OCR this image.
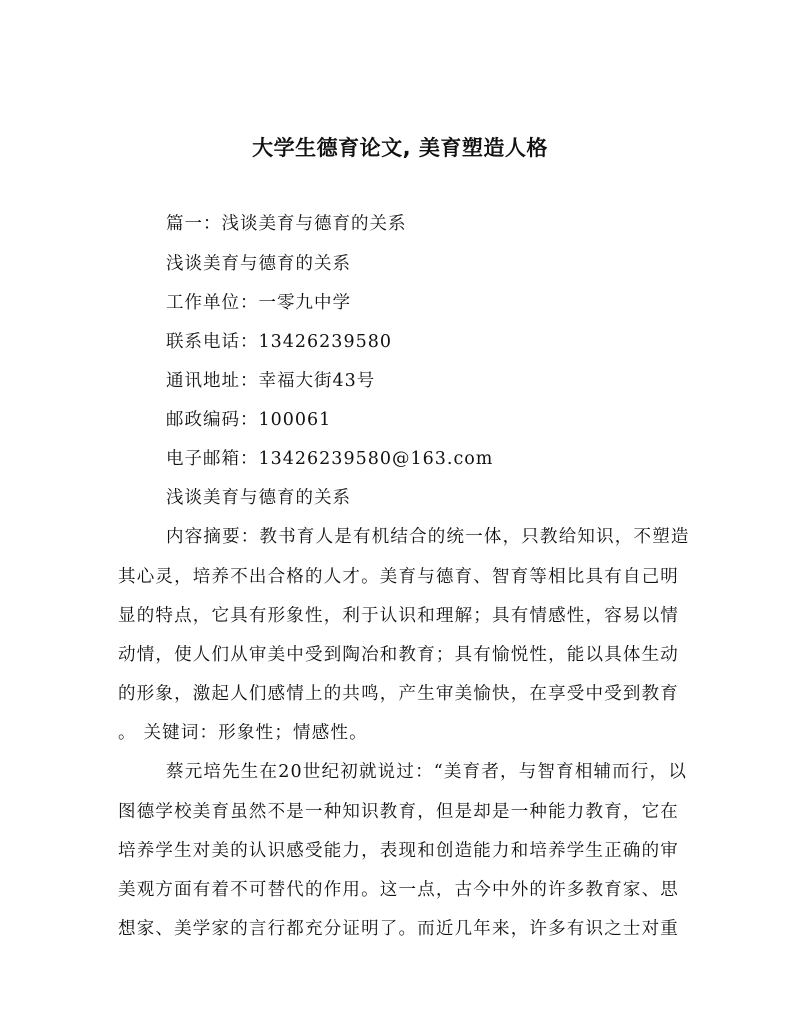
大学生德育论文, 美育塑造人格

篇一：浅谈美育与德育的关系

浅谈美育与德育的关系

工作单位：一零九中学

联系电话：13426239580

通讯地址：幸福大街43号

邮政编码：100061

电子邮箱：13426239580@163.com

浅谈美育与德育的关系

内容摘要：教书育人是有机结合的统一体，只教给知识，不塑造

其心灵，培养不出合格的人才。美育与德育、智育等相比具有自己明

显的特点，它具有形象性，利于认识和理解；具有情感性，容易以情

动情，使人们从审美中受到陶冶和教育；具有愉悦性，能以具体生动

的形象，激起人们感情上的共鸣，产生审美愉快，在享受中受到教育

。 关键词：形象性；情感性。

蔡元培先生在20世纪初就说过：“美育者，与智育相辅而行，以

图德学校美育虽然不是一种知识教育，但是却是一种能力教育，它在

培养学生对美的认识感受能力，表现和创造能力和培养学生正确的审

美观方面有着不可替代的作用。这一点，古今中外的许多教育家、思

想家、美学家的言行都充分证明了。而近几年来，许多有识之士对重
